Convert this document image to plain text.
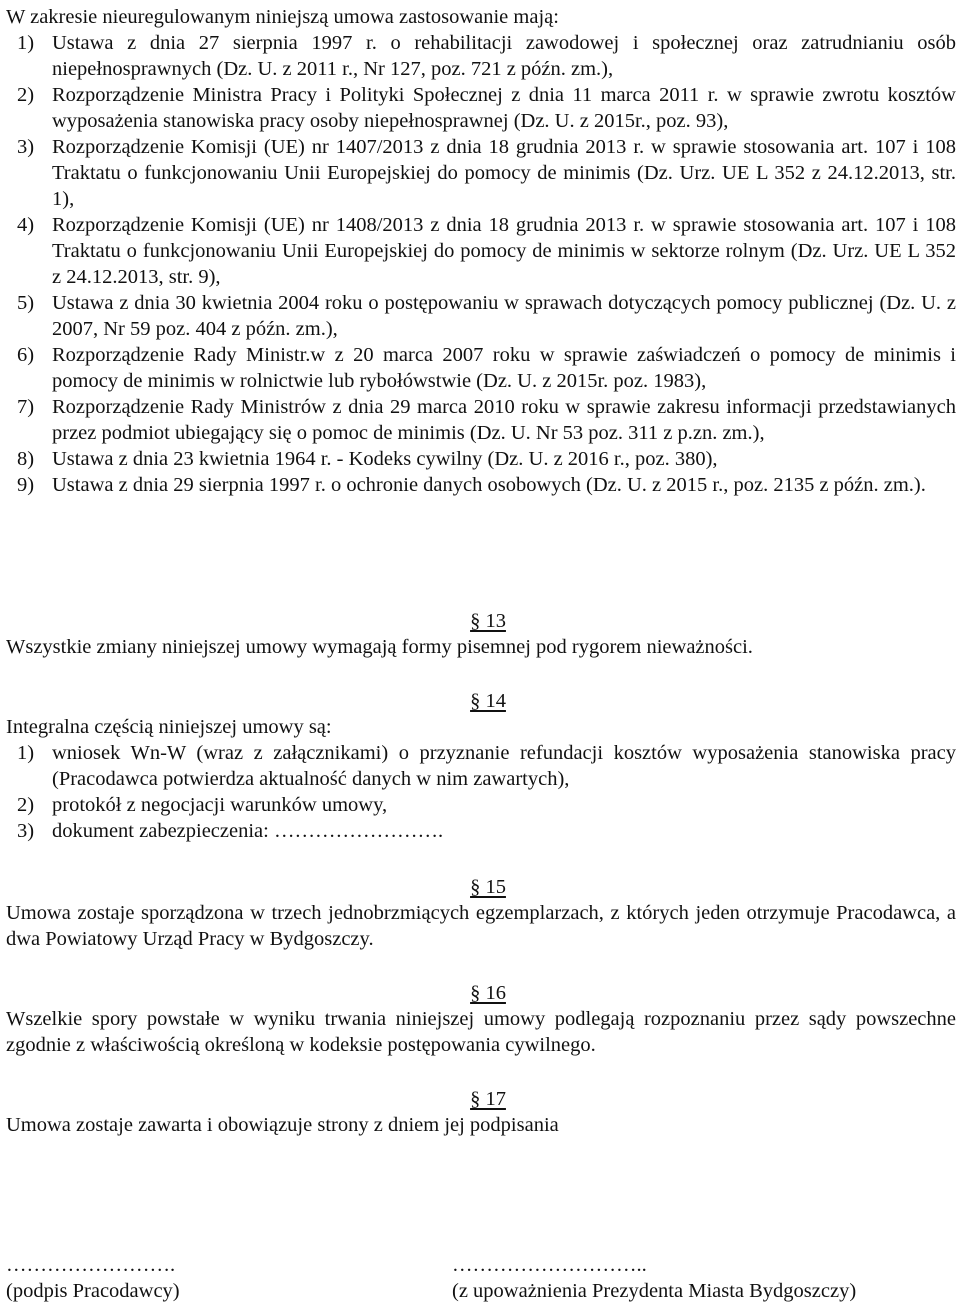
W zakresie nieuregulowanym niniejszą umowa zastosowanie mają:
1) Ustawa z dnia 27 sierpnia 1997 r. o rehabilitacji zawodowej i społecznej oraz zatrudnianiu osób niepełnosprawnych (Dz. U. z 2011 r., Nr 127, poz. 721 z późn. zm.),
2) Rozporządzenie Ministra Pracy i Polityki Społecznej z dnia 11 marca 2011 r. w sprawie zwrotu kosztów wyposażenia stanowiska pracy osoby niepełnosprawnej (Dz. U. z 2015r., poz. 93),
3) Rozporządzenie Komisji (UE) nr 1407/2013 z dnia 18 grudnia 2013 r. w sprawie stosowania art. 107 i 108 Traktatu o funkcjonowaniu Unii Europejskiej do pomocy de minimis (Dz. Urz. UE L 352 z 24.12.2013, str. 1),
4) Rozporządzenie Komisji (UE) nr 1408/2013 z dnia 18 grudnia 2013 r. w sprawie stosowania art. 107 i 108 Traktatu o funkcjonowaniu Unii Europejskiej do pomocy de minimis w sektorze rolnym (Dz. Urz. UE L 352 z 24.12.2013, str. 9),
5) Ustawa z dnia 30 kwietnia 2004 roku o postępowaniu w sprawach dotyczących pomocy publicznej (Dz. U. z 2007, Nr 59 poz. 404 z późn. zm.),
6) Rozporządzenie Rady Ministr.w z 20 marca 2007 roku w sprawie zaświadczeń o pomocy de minimis i pomocy de minimis w rolnictwie lub rybołówstwie (Dz. U. z 2015r. poz. 1983),
7) Rozporządzenie Rady Ministrów z dnia 29 marca 2010 roku w sprawie zakresu informacji przedstawianych przez podmiot ubiegający się o pomoc de minimis (Dz. U. Nr 53 poz. 311 z p.zn. zm.),
8) Ustawa z dnia 23 kwietnia 1964 r. - Kodeks cywilny (Dz. U. z 2016 r., poz. 380),
9) Ustawa z dnia 29 sierpnia 1997 r. o ochronie danych osobowych (Dz. U. z 2015 r., poz. 2135 z późn. zm.).
§ 13
Wszystkie zmiany niniejszej umowy wymagają formy pisemnej pod rygorem nieważności.
§ 14
Integralna częścią niniejszej umowy są:
1) wniosek Wn-W (wraz z załącznikami) o przyznanie refundacji kosztów wyposażenia stanowiska pracy (Pracodawca potwierdza aktualność danych w nim zawartych),
2) protokół z negocjacji warunków umowy,
3) dokument zabezpieczenia: …………………….
§ 15
Umowa zostaje sporządzona w trzech jednobrzmiących egzemplarzach, z których jeden otrzymuje Pracodawca, a dwa Powiatowy Urząd Pracy w Bydgoszczy.
§ 16
Wszelkie spory powstałe w wyniku trwania niniejszej umowy podlegają rozpoznaniu przez sądy powszechne zgodnie z właściwością określoną w kodeksie postępowania cywilnego.
§ 17
Umowa zostaje zawarta i obowiązuje strony z dniem jej podpisania
…………………….
(podpis Pracodawcy)
………………………..
(z upoważnienia Prezydenta Miasta Bydgoszczy)
